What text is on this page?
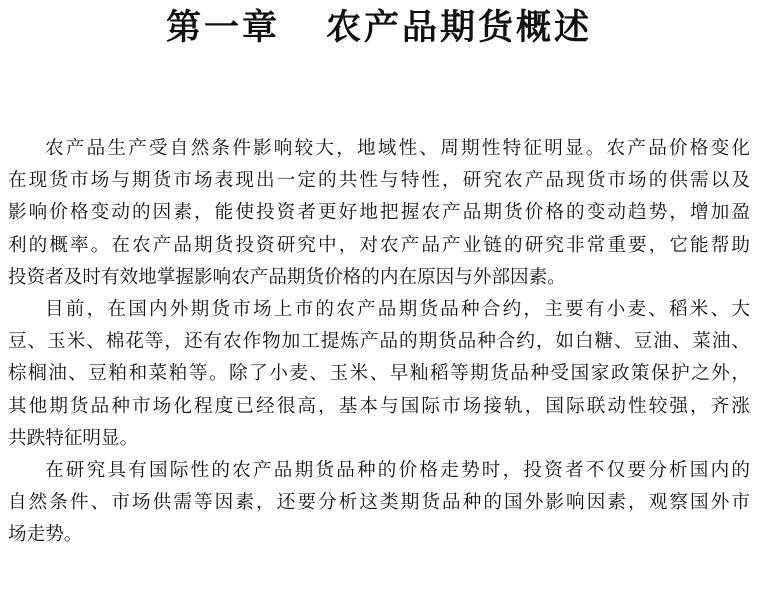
第一章 农产品期货概述
农产品生产受自然条件影响较大，地域性、周期性特征明显。农产品价格变化
在现货市场与期货市场表现出一定的共性与特性，研究农产品现货市场的供需以及
影响价格变动的因素，能使投资者更好地把握农产品期货价格的变动趋势，增加盈
利的概率。在农产品期货投资研究中，对农产品产业链的研究非常重要，它能帮助
投资者及时有效地掌握影响农产品期货价格的内在原因与外部因素。
目前，在国内外期货市场上市的农产品期货品种合约，主要有小麦、稻米、大
豆、玉米、棉花等，还有农作物加工提炼产品的期货品种合约，如白糖、豆油、菜油、
棕榈油、豆粕和菜粕等。除了小麦、玉米、早籼稻等期货品种受国家政策保护之外，
其他期货品种市场化程度已经很高，基本与国际市场接轨，国际联动性较强，齐涨
共跌特征明显。
在研究具有国际性的农产品期货品种的价格走势时，投资者不仅要分析国内的
自然条件、市场供需等因素，还要分析这类期货品种的国外影响因素，观察国外市
场走势。
